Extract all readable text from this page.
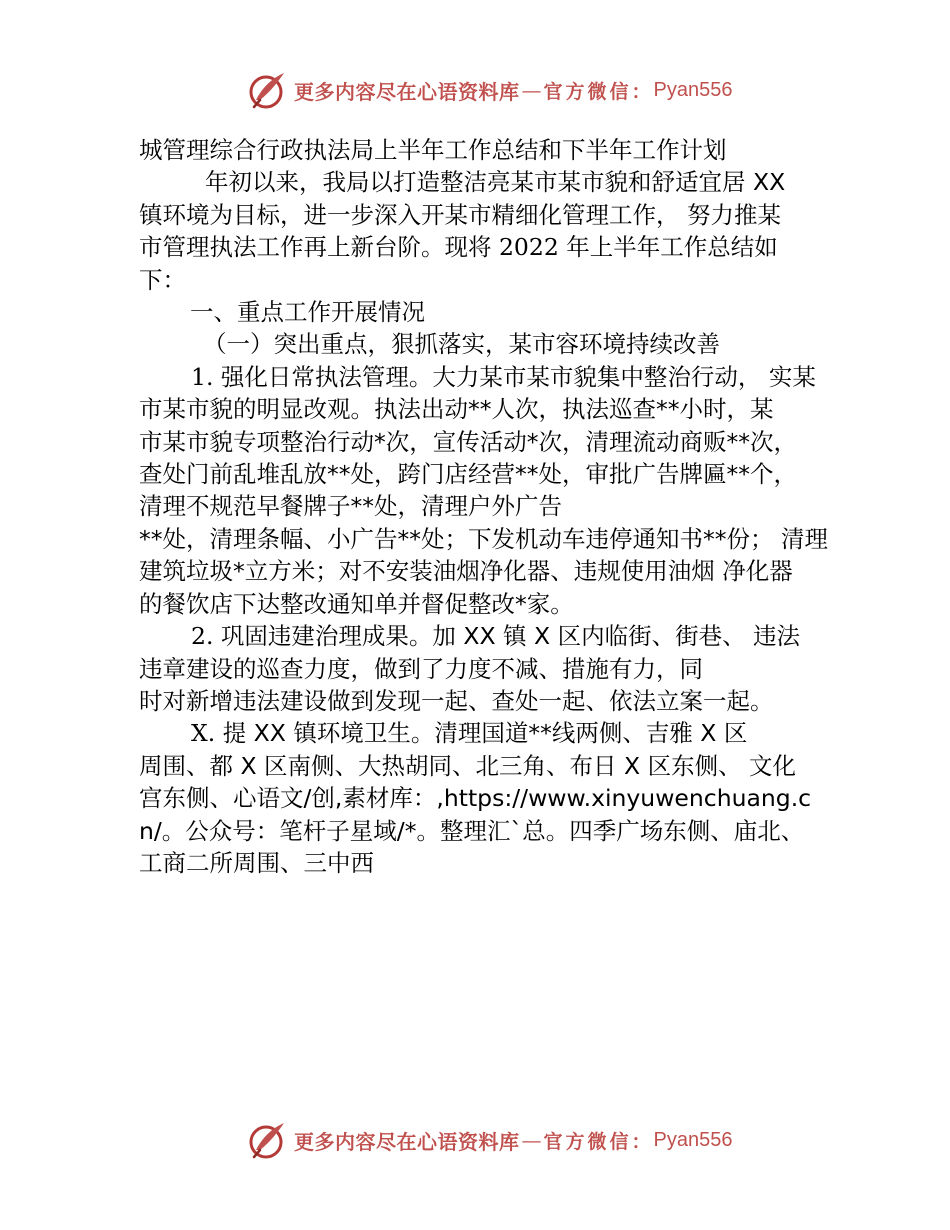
更多内容尽在心语资料库 — 官方微信： Pyan556
城管理综合行政执法局上半年工作总结和下半年工作计划
年初以来，我局以打造整洁亮某市某市貌和舒适宜居 XX
镇环境为目标，进一步深入开某市精细化管理工作， 努力推某
市管理执法工作再上新台阶。现将 2022 年上半年工作总结如
下：
一、重点工作开展情况
（一）突出重点，狠抓落实，某市容环境持续改善
1. 强化日常执法管理。大力某市某市貌集中整治行动， 实某
市某市貌的明显改观。执法出动**人次，执法巡查**小时，某
市某市貌专项整治行动*次，宣传活动*次，清理流动商贩**次，
查处门前乱堆乱放**处，跨门店经营**处，审批广告牌匾**个，
清理不规范早餐牌子**处，清理户外广告
**处，清理条幅、小广告**处；下发机动车违停通知书**份； 清理
建筑垃圾*立方米；对不安装油烟净化器、违规使用油烟 净化器
的餐饮店下达整改通知单并督促整改*家。
2. 巩固违建治理成果。加 XX 镇 X 区内临街、街巷、 违法
违章建设的巡查力度，做到了力度不减、措施有力，同
时对新增违法建设做到发现一起、查处一起、依法立案一起。
X. 提 XX 镇环境卫生。清理国道**线两侧、吉雅 X 区
周围、都 X 区南侧、大热胡同、北三角、布日 X 区东侧、 文化
宫东侧、心语文/创,素材库：,https://www.xinyuwenchuang.c
n/。公众号：笔杆子星域/*。整理汇`总。四季广场东侧、庙北、
工商二所周围、三中西
更多内容尽在心语资料库 — 官方微信： Pyan556
